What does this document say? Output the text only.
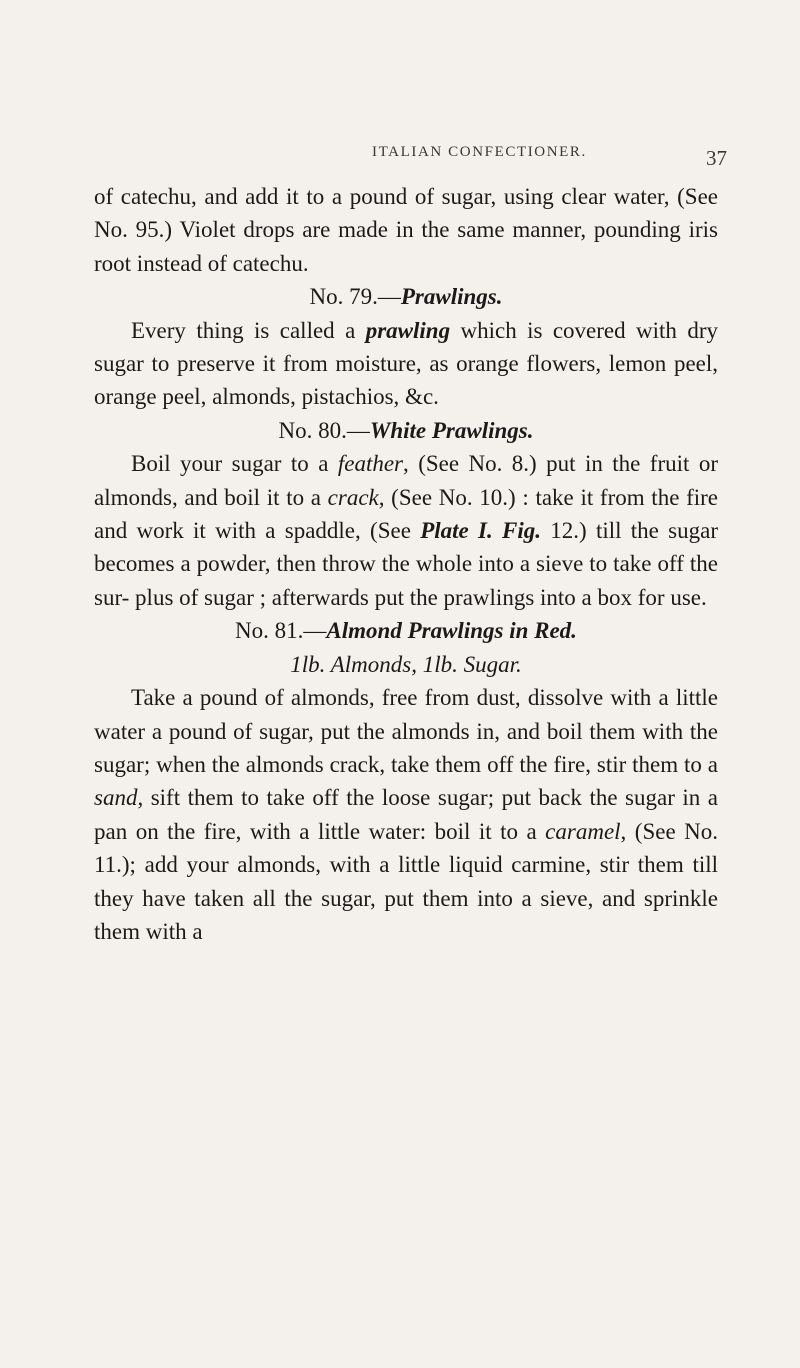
ITALIAN CONFECTIONER.	37

of catechu, and add it to a pound of sugar, using clear water, (See No. 95.) Violet drops are made in the same manner, pounding iris root instead of catechu.

No. 79.—Prawlings.

Every thing is called a prawling which is covered with dry sugar to preserve it from moisture, as orange flowers, lemon peel, orange peel, almonds, pistachios, &c.

No. 80.—White Prawlings.

Boil your sugar to a feather, (See No. 8.) put in the fruit or almonds, and boil it to a crack, (See No. 10.) : take it from the fire and work it with a spaddle, (See Plate I. Fig. 12.) till the sugar becomes a powder, then throw the whole into a sieve to take off the sur- plus of sugar ; afterwards put the prawlings into a box for use.

No. 81.—Almond Prawlings in Red.

1lb. Almonds, 1lb. Sugar.

Take a pound of almonds, free from dust, dissolve with a little water a pound of sugar, put the almonds in, and boil them with the sugar; when the almonds crack, take them off the fire, stir them to a sand, sift them to take off the loose sugar; put back the sugar in a pan on the fire, with a little water: boil it to a caramel, (See No. 11.); add your almonds, with a little liquid carmine, stir them till they have taken all the sugar, put them into a sieve, and sprinkle them with a
